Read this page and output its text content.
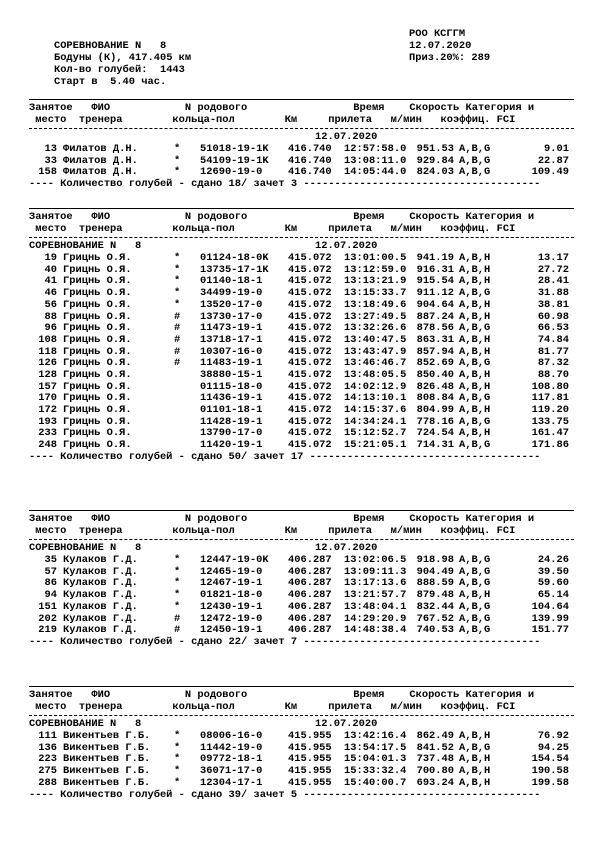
СОРЕВНОВАНИЕ N   8

РОО КСГГМ

Бодуны (К), 417.405 км

12.07.2020

Кол-во голубей:  1443

Приз.20%: 289

Старт в  5.40 час.

Занятое   ФИО            N родового                 Время    Скорость Категория и
место  тренера        кольца-пол        Км     прилета   м/мин   коэффиц. FCI
12.07.2020
13 Филатов Д.Н.	* 51018-19-1K 416.740 12:57:58.0 951.53 A,B,G	9.01
33 Филатов Д.Н.	* 54109-19-1K 416.740 13:08:11.0 929.84 A,B,G	22.87
158 Филатов Д.Н.	* 12690-19-0 416.740 14:05:44.0 824.03 A,B,G	109.49
---- Количество голубей - сдано 18/ зачет 3 --------------------------------------
Занятое   ФИО            N родового                 Время    Скорость Категория и
место  тренера        кольца-пол        Км     прилета   м/мин   коэффиц. FCI
СОРЕВНОВАНИЕ N   8	12.07.2020
19 Грицнь О.Я.	* 01124-18-0K 415.072 13:01:00.5 941.19 A,B,H	13.17
40 Грицнь О.Я.	* 13735-17-1K 415.072 13:12:59.0 916.31 A,B,H	27.72
41 Грицнь О.Я.	* 01140-18-1 415.072 13:13:21.9 915.54 A,B,H	28.41
46 Грицнь О.Я.	* 34499-19-0 415.072 13:15:33.7 911.12 A,B,G	31.88
56 Грицнь О.Я.	* 13520-17-0 415.072 13:18:49.6 904.64 A,B,H	38.81
88 Грицнь О.Я.	# 13730-17-0 415.072 13:27:49.5 887.24 A,B,H	60.98
96 Грицнь О.Я.	# 11473-19-1 415.072 13:32:26.6 878.56 A,B,G	66.53
108 Грицнь О.Я.	# 13718-17-1 415.072 13:40:47.5 863.31 A,B,H	74.84
118 Грицнь О.Я.	# 10307-16-0 415.072 13:43:47.9 857.94 A,B,H	81.77
126 Грицнь О.Я.	# 11483-19-1 415.072 13:46:46.7 852.69 A,B,G	87.32
128 Грицнь О.Я.	38880-15-1 415.072 13:48:05.5 850.40 A,B,H	88.70
157 Грицнь О.Я.	01115-18-0 415.072 14:02:12.9 826.48 A,B,H	108.80
170 Грицнь О.Я.	11436-19-1 415.072 14:13:10.1 808.84 A,B,G	117.81
172 Грицнь О.Я.	01101-18-1 415.072 14:15:37.6 804.99 A,B,H	119.20
193 Грицнь О.Я.	11428-19-1 415.072 14:34:24.1 778.16 A,B,G	133.75
233 Грицнь О.Я.	13790-17-0 415.072 15:12:52.7 724.54 A,B,H	161.47
248 Грицнь О.Я.	11420-19-1 415.072 15:21:05.1 714.31 A,B,G	171.86
---- Количество голубей - сдано 50/ зачет 17 -------------------------------------
Занятое   ФИО            N родового                 Время    Скорость Категория и
место  тренера        кольца-пол        Км     прилета   м/мин   коэффиц. FCI
СОРЕВНОВАНИЕ N   8	12.07.2020
35 Кулаков Г.Д.	* 12447-19-0K 406.287 13:02:06.5 918.98 A,B,G	24.26
57 Кулаков Г.Д.	* 12465-19-0 406.287 13:09:11.3 904.49 A,B,G	39.50
86 Кулаков Г.Д.	* 12467-19-1 406.287 13:17:13.6 888.59 A,B,G	59.60
94 Кулаков Г.Д.	* 01821-18-0 406.287 13:21:57.7 879.48 A,B,H	65.14
151 Кулаков Г.Д.	* 12430-19-1 406.287 13:48:04.1 832.44 A,B,G	104.64
202 Кулаков Г.Д.	# 12472-19-0 406.287 14:29:20.9 767.52 A,B,G	139.99
219 Кулаков Г.Д.	# 12450-19-1 406.287 14:48:38.4 740.53 A,B,G	151.77
---- Количество голубей - сдано 22/ зачет 7 --------------------------------------
Занятое   ФИО            N родового                 Время    Скорость Категория и
место  тренера        кольца-пол        Км     прилета   м/мин   коэффиц. FCI
СОРЕВНОВАНИЕ N   8	12.07.2020
111 Викентьев Г.Б. * 08006-16-0 415.955 13:42:16.4 862.49 A,B,H	76.92
136 Викентьев Г.Б. * 11442-19-0 415.955 13:54:17.5 841.52 A,B,G	94.25
223 Викентьев Г.Б. * 09772-18-1 415.955 15:04:01.3 737.48 A,B,H	154.54
275 Викентьев Г.Б. * 36071-17-0 415.955 15:33:32.4 700.80 A,B,H	190.58
288 Викентьев Г.Б. * 12304-17-1 415.955 15:40:00.7 693.24 A,B,H	199.58
---- Количество голубей - сдано 39/ зачет 5 --------------------------------------
